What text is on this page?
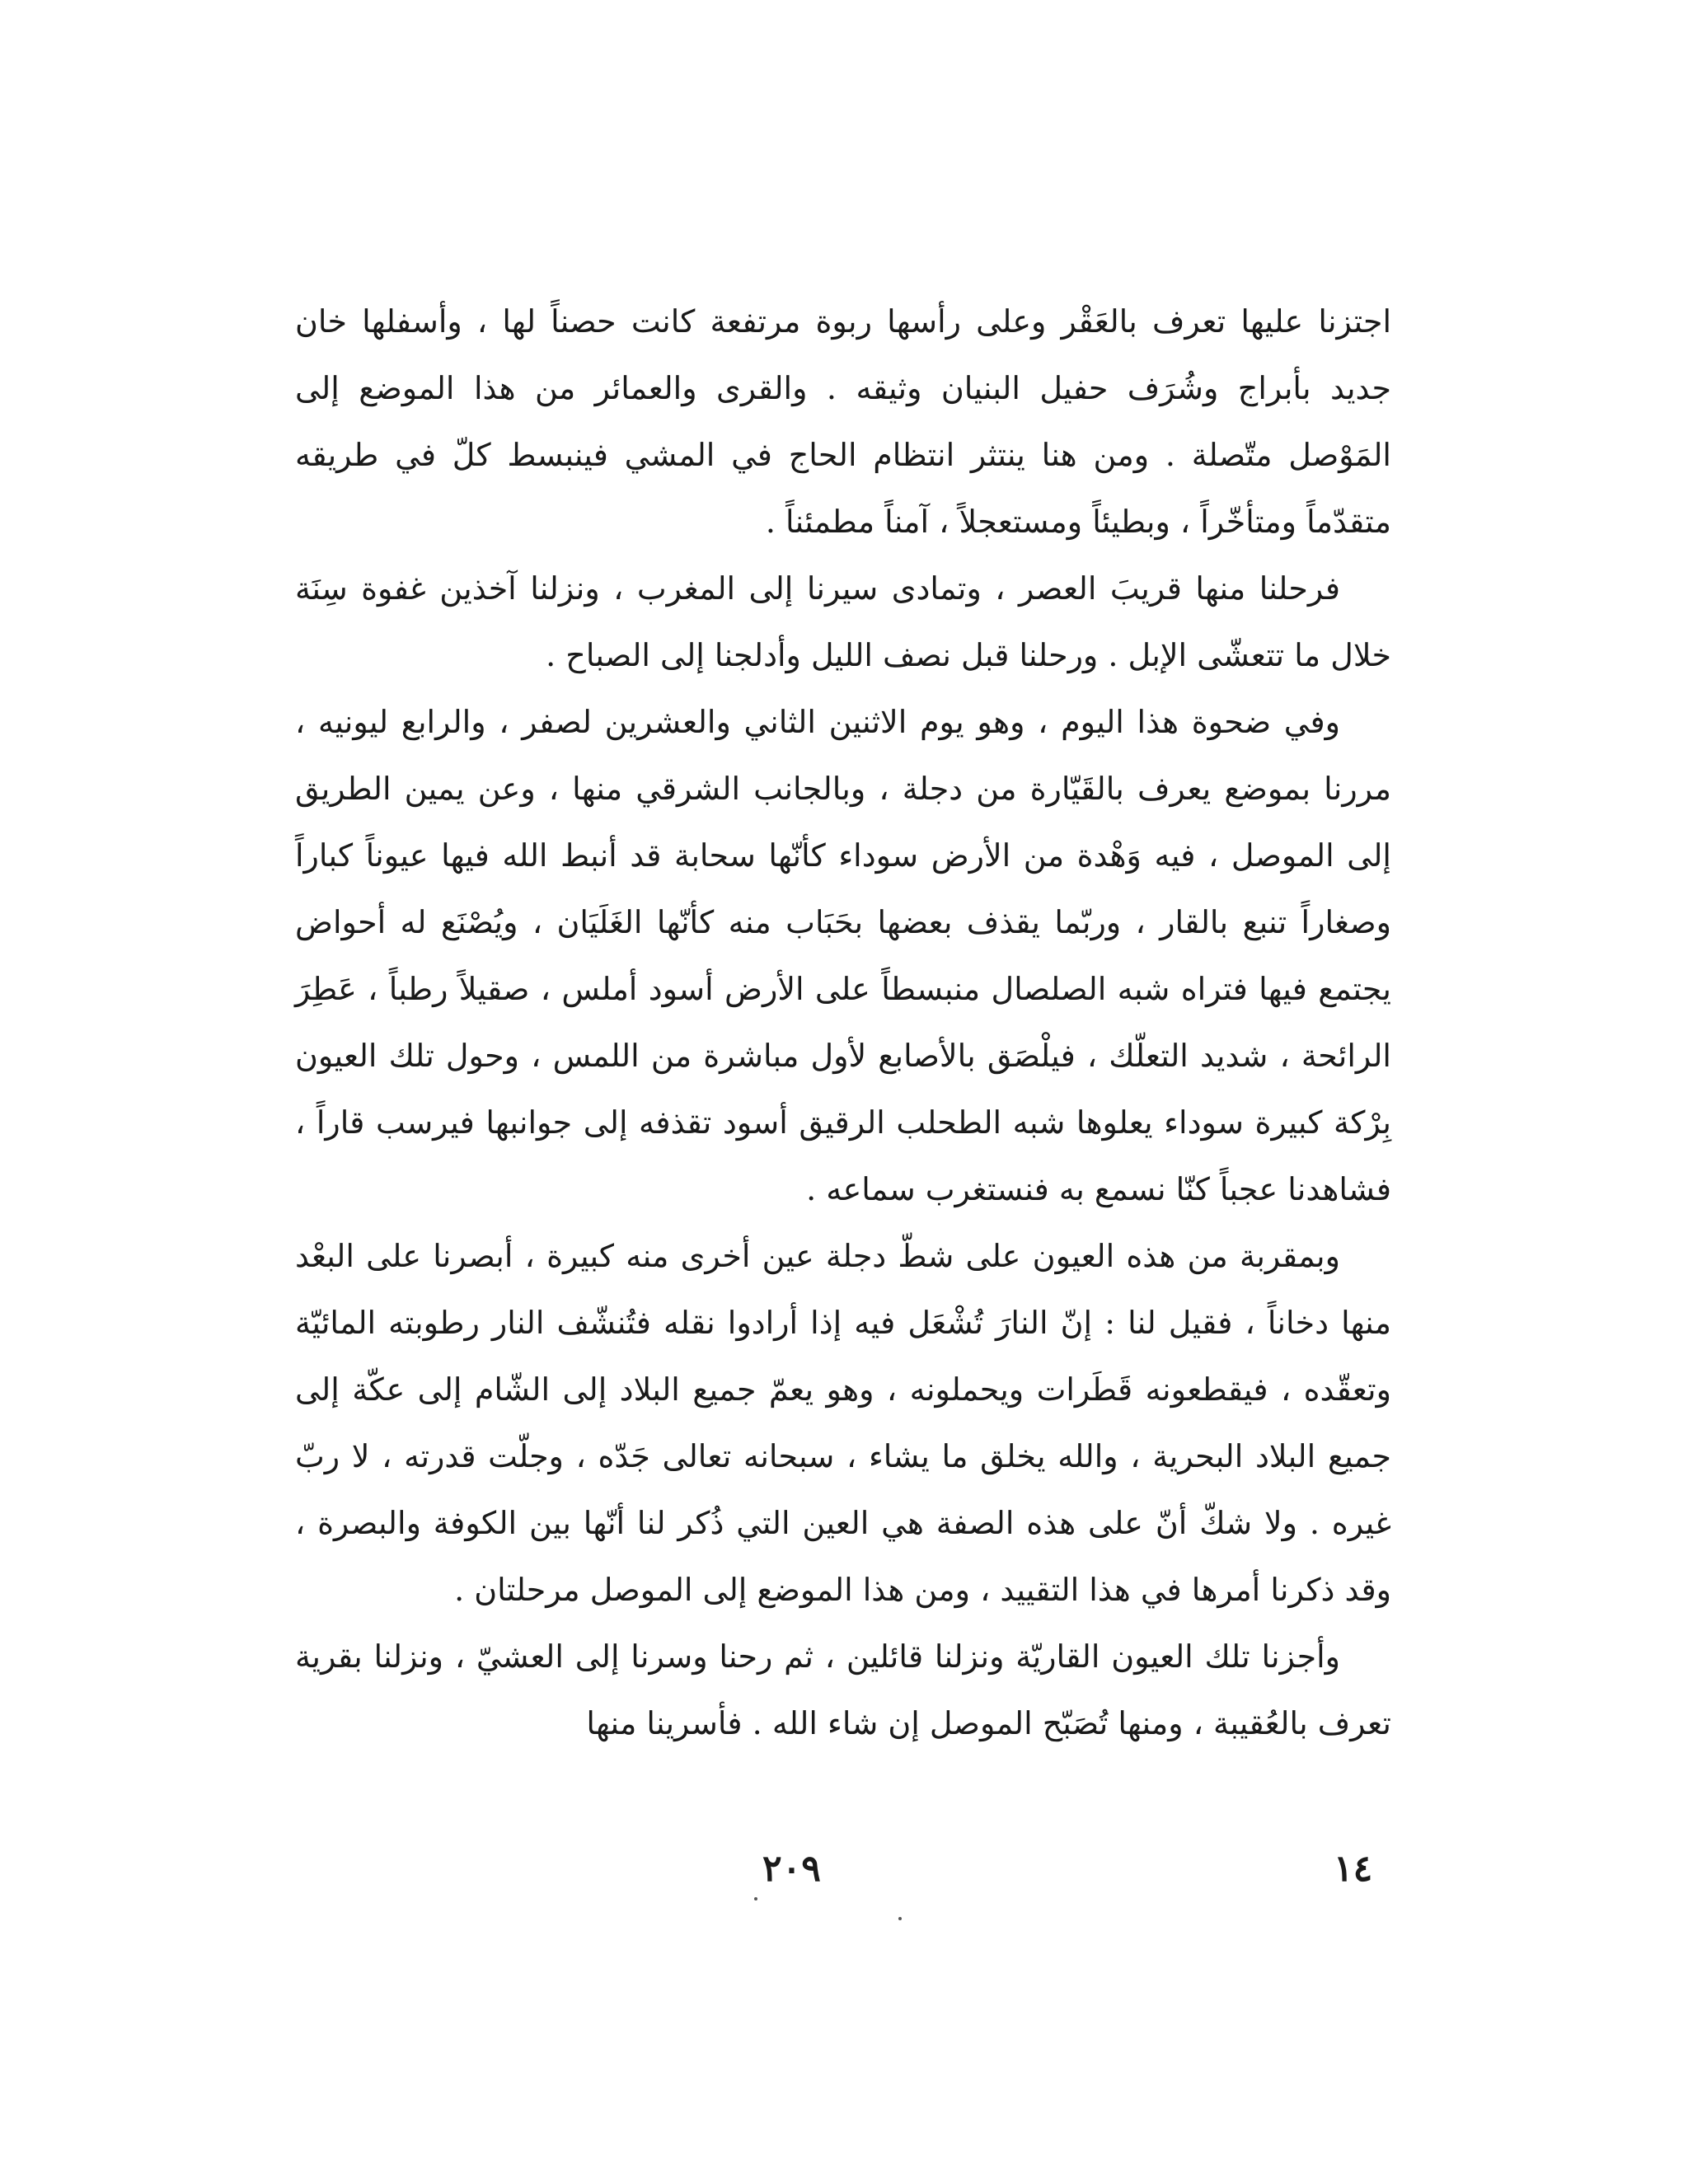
اجتزنا عليها تعرف بالعَقْر وعلى رأسها ربوة مرتفعة كانت حصناً لها ، وأسفلها خان جديد بأبراج وشُرَف حفيل البنيان وثيقه . والقرى والعمائر من هذا الموضع إلى المَوْصل متّصلة . ومن هنا ينتثر انتظام الحاج في المشي فينبسط كلّ في طريقه متقدّماً ومتأخّراً ، وبطيئاً ومستعجلاً ، آمناً مطمئناً .

فرحلنا منها قريبَ العصر ، وتمادى سيرنا إلى المغرب ، ونزلنا آخذين غفوة سِنَة خلال ما تتعشّى الإبل . ورحلنا قبل نصف الليل وأدلجنا إلى الصباح .

وفي ضحوة هذا اليوم ، وهو يوم الاثنين الثاني والعشرين لصفر ، والرابع ليونيه ، مررنا بموضع يعرف بالقَيّارة من دجلة ، وبالجانب الشرقي منها ، وعن يمين الطريق إلى الموصل ، فيه وَهْدة من الأرض سوداء كأنّها سحابة قد أنبط الله فيها عيوناً كباراً وصغاراً تنبع بالقار ، وربّما يقذف بعضها بحَبَاب منه كأنّها الغَلَيَان ، ويُصْنَع له أحواض يجتمع فيها فتراه شبه الصلصال منبسطاً على الأرض أسود أملس ، صقيلاً رطباً ، عَطِرَ الرائحة ، شديد التعلّك ، فيلْصَق بالأصابع لأول مباشرة من اللمس ، وحول تلك العيون بِرْكة كبيرة سوداء يعلوها شبه الطحلب الرقيق أسود تقذفه إلى جوانبها فيرسب قاراً ، فشاهدنا عجباً كنّا نسمع به فنستغرب سماعه .

وبمقربة من هذه العيون على شطّ دجلة عين أخرى منه كبيرة ، أبصرنا على البعْد منها دخاناً ، فقيل لنا : إنّ النارَ تُشْعَل فيه إذا أرادوا نقله فتُنشّف النار رطوبته المائيّة وتعقّده ، فيقطعونه قَطَرات ويحملونه ، وهو يعمّ جميع البلاد إلى الشّام إلى عكّة إلى جميع البلاد البحرية ، والله يخلق ما يشاء ، سبحانه تعالى جَدّه ، وجلّت قدرته ، لا ربّ غيره . ولا شكّ أنّ على هذه الصفة هي العين التي ذُكر لنا أنّها بين الكوفة والبصرة ، وقد ذكرنا أمرها في هذا التقييد ، ومن هذا الموضع إلى الموصل مرحلتان .

وأجزنا تلك العيون القاريّة ونزلنا قائلين ، ثم رحنا وسرنا إلى العشيّ ، ونزلنا بقرية تعرف بالعُقيبة ، ومنها تُصَبّح الموصل إن شاء الله . فأسرينا منها

٢٠٩	١٤
